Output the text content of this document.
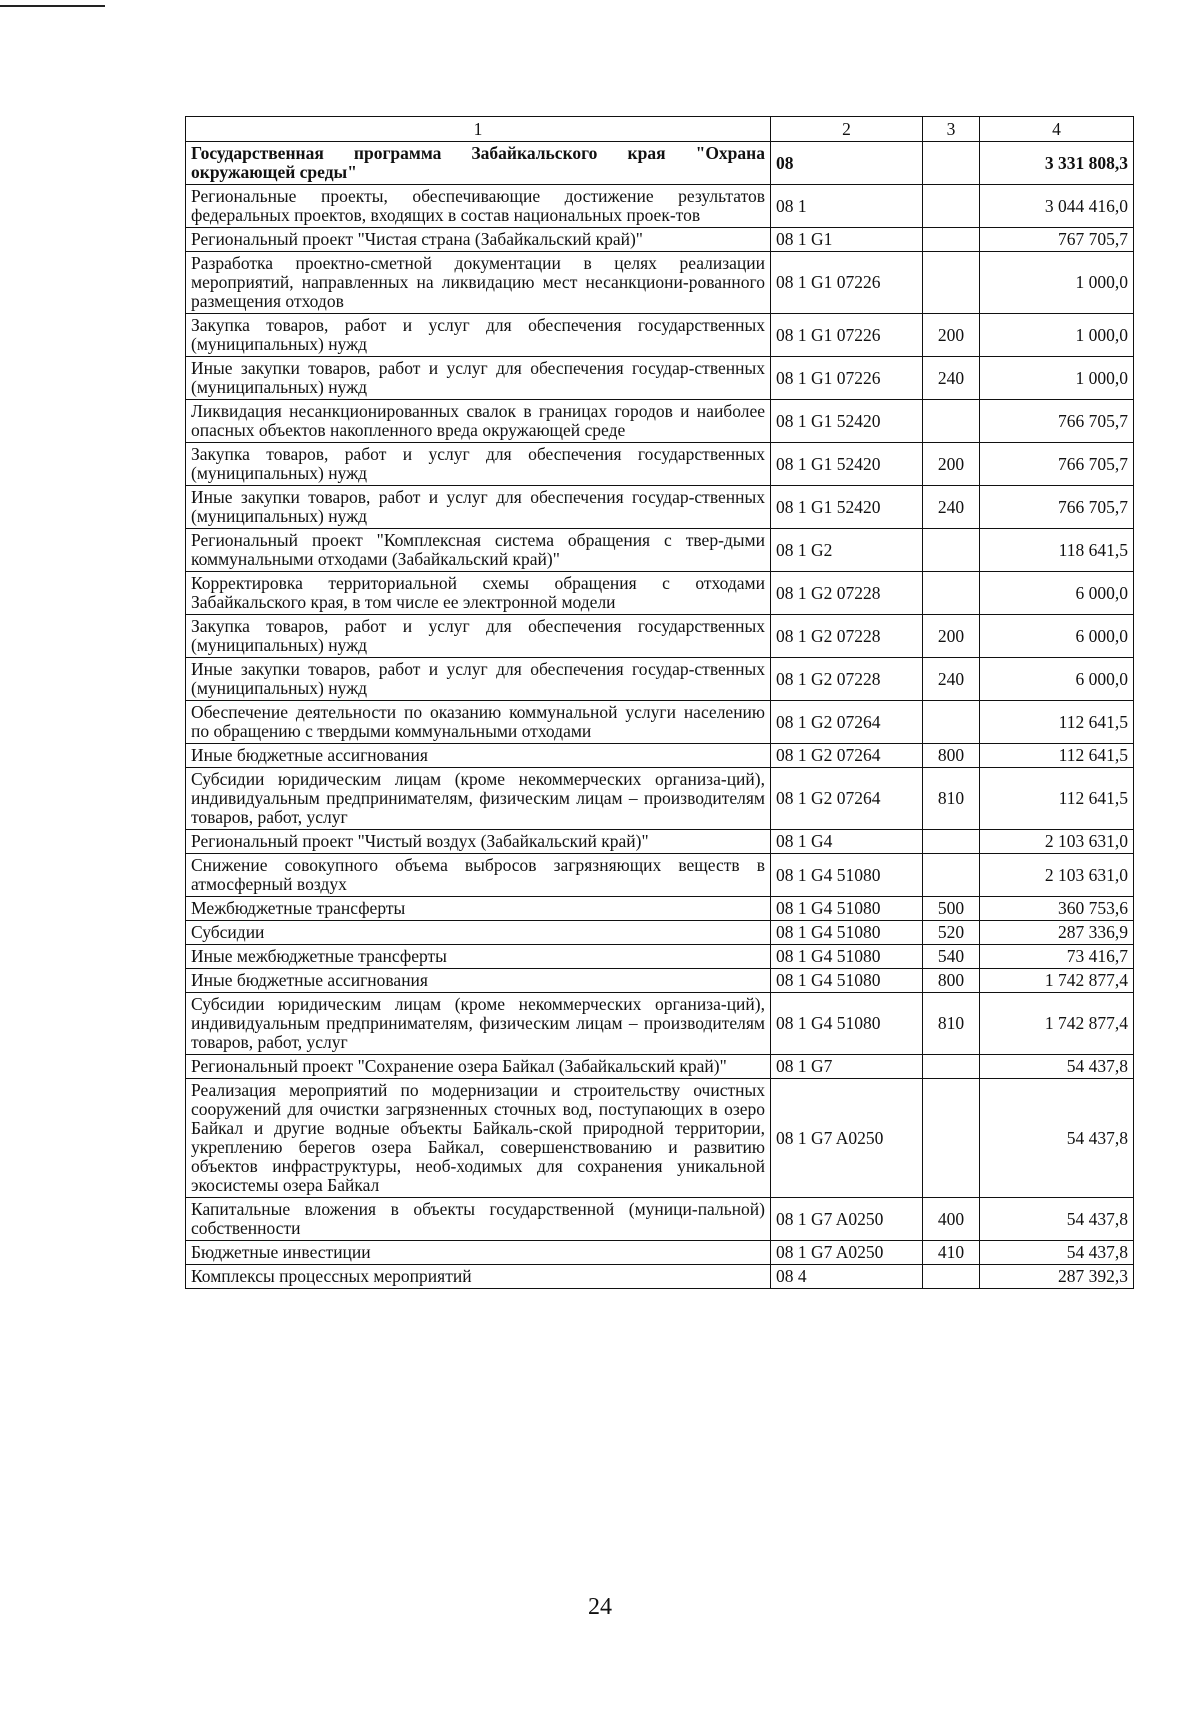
1	2	3	4
Государственная программа Забайкальского края "Охрана окружающей среды"	08		3 331 808,3
Региональные проекты, обеспечивающие достижение результатов федеральных проектов, входящих в состав национальных проек-тов	08 1		3 044 416,0
Региональный проект "Чистая страна (Забайкальский край)"	08 1 G1		767 705,7
Разработка проектно-сметной документации в целях реализации мероприятий, направленных на ликвидацию мест несанкциони-рованного размещения отходов	08 1 G1 07226		1 000,0
Закупка товаров, работ и услуг для обеспечения государственных (муниципальных) нужд	08 1 G1 07226	200	1 000,0
Иные закупки товаров, работ и услуг для обеспечения государ-ственных (муниципальных) нужд	08 1 G1 07226	240	1 000,0
Ликвидация несанкционированных свалок в границах городов и наиболее опасных объектов накопленного вреда окружающей среде	08 1 G1 52420		766 705,7
Закупка товаров, работ и услуг для обеспечения государственных (муниципальных) нужд	08 1 G1 52420	200	766 705,7
Иные закупки товаров, работ и услуг для обеспечения государ-ственных (муниципальных) нужд	08 1 G1 52420	240	766 705,7
Региональный проект "Комплексная система обращения с твер-дыми коммунальными отходами (Забайкальский край)"	08 1 G2		118 641,5
Корректировка территориальной схемы обращения с отходами Забайкальского края, в том числе ее электронной модели	08 1 G2 07228		6 000,0
Закупка товаров, работ и услуг для обеспечения государственных (муниципальных) нужд	08 1 G2 07228	200	6 000,0
Иные закупки товаров, работ и услуг для обеспечения государ-ственных (муниципальных) нужд	08 1 G2 07228	240	6 000,0
Обеспечение деятельности по оказанию коммунальной услуги населению по обращению с твердыми коммунальными отходами	08 1 G2 07264		112 641,5
Иные бюджетные ассигнования	08 1 G2 07264	800	112 641,5
Субсидии юридическим лицам (кроме некоммерческих организа-ций), индивидуальным предпринимателям, физическим лицам – производителям товаров, работ, услуг	08 1 G2 07264	810	112 641,5
Региональный проект "Чистый воздух (Забайкальский край)"	08 1 G4		2 103 631,0
Снижение совокупного объема выбросов загрязняющих веществ в атмосферный воздух	08 1 G4 51080		2 103 631,0
Межбюджетные трансферты	08 1 G4 51080	500	360 753,6
Субсидии	08 1 G4 51080	520	287 336,9
Иные межбюджетные трансферты	08 1 G4 51080	540	73 416,7
Иные бюджетные ассигнования	08 1 G4 51080	800	1 742 877,4
Субсидии юридическим лицам (кроме некоммерческих организа-ций), индивидуальным предпринимателям, физическим лицам – производителям товаров, работ, услуг	08 1 G4 51080	810	1 742 877,4
Региональный проект "Сохранение озера Байкал (Забайкальский край)"	08 1 G7		54 437,8
Реализация мероприятий по модернизации и строительству очистных сооружений для очистки загрязненных сточных вод, поступающих в озеро Байкал и другие водные объекты Байкаль-ской природной территории, укреплению берегов озера Байкал, совершенствованию и развитию объектов инфраструктуры, необ-ходимых для сохранения уникальной экосистемы озера Байкал	08 1 G7 A0250		54 437,8
Капитальные вложения в объекты государственной (муници-пальной) собственности	08 1 G7 A0250	400	54 437,8
Бюджетные инвестиции	08 1 G7 A0250	410	54 437,8
Комплексы процессных мероприятий	08 4		287 392,3
24
